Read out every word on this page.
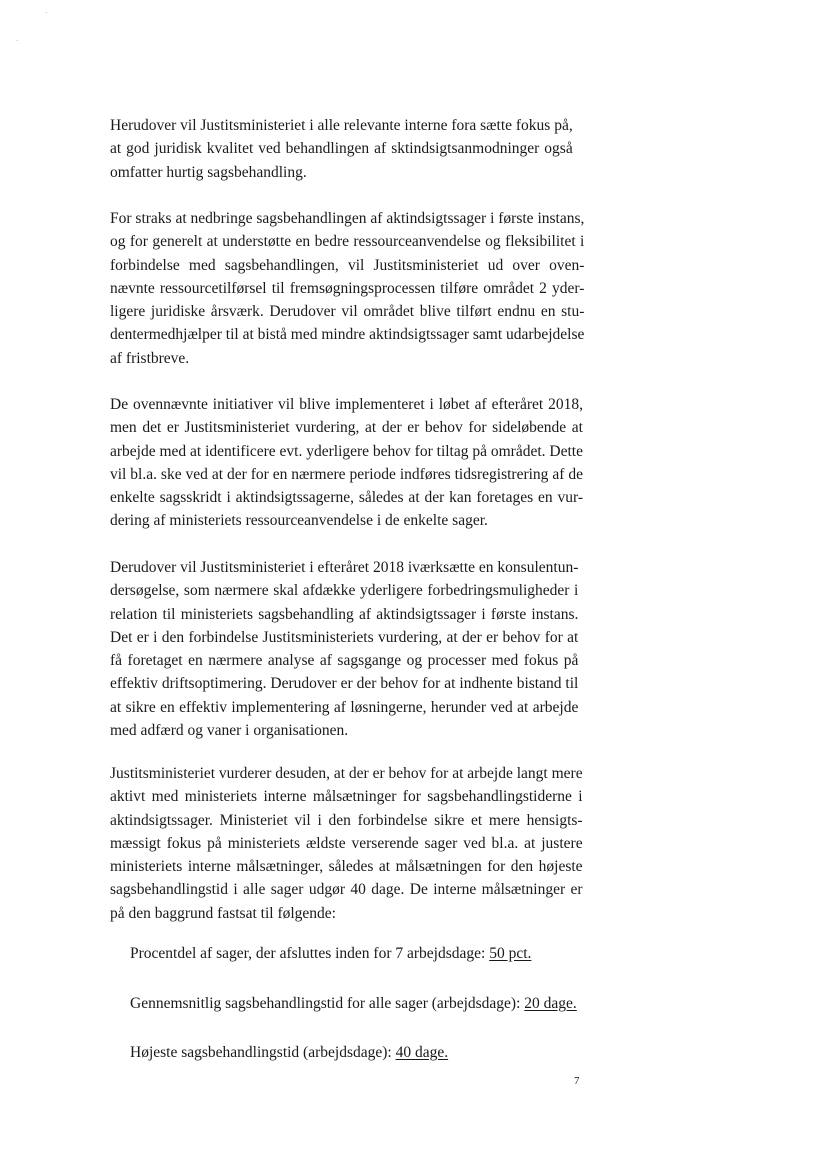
˙
˙

Herudover vil Justitsministeriet i alle relevante interne fora sætte fokus på,
at god juridisk kvalitet ved behandlingen af sktindsigtsanmodninger også
omfatter hurtig sagsbehandling.

For straks at nedbringe sagsbehandlingen af aktindsigtssager i første instans,
og for generelt at understøtte en bedre ressourceanvendelse og fleksibilitet i
forbindelse med sagsbehandlingen, vil Justitsministeriet ud over oven-
nævnte ressourcetilførsel til fremsøgningsprocessen tilføre området 2 yder-
ligere juridiske årsværk. Derudover vil området blive tilført endnu en stu-
dentermedhjælper til at bistå med mindre aktindsigtssager samt udarbejdelse
af fristbreve.

De ovennævnte initiativer vil blive implementeret i løbet af efteråret 2018,
men det er Justitsministeriet vurdering, at der er behov for sideløbende at
arbejde med at identificere evt. yderligere behov for tiltag på området. Dette
vil bl.a. ske ved at der for en nærmere periode indføres tidsregistrering af de
enkelte sagsskridt i aktindsigtssagerne, således at der kan foretages en vur-
dering af ministeriets ressourceanvendelse i de enkelte sager.

Derudover vil Justitsministeriet i efteråret 2018 iværksætte en konsulentun-
dersøgelse, som nærmere skal afdække yderligere forbedringsmuligheder i
relation til ministeriets sagsbehandling af aktindsigtssager i første instans.
Det er i den forbindelse Justitsministeriets vurdering, at der er behov for at
få foretaget en nærmere analyse af sagsgange og processer med fokus på
effektiv driftsoptimering. Derudover er der behov for at indhente bistand til
at sikre en effektiv implementering af løsningerne, herunder ved at arbejde
med adfærd og vaner i organisationen.

Justitsministeriet vurderer desuden, at der er behov for at arbejde langt mere
aktivt med ministeriets interne målsætninger for sagsbehandlingstiderne i
aktindsigtssager. Ministeriet vil i den forbindelse sikre et mere hensigts-
mæssigt fokus på ministeriets ældste verserende sager ved bl.a. at justere
ministeriets interne målsætninger, således at målsætningen for den højeste
sagsbehandlingstid i alle sager udgør 40 dage. De interne målsætninger er
på den baggrund fastsat til følgende:

Procentdel af sager, der afsluttes inden for 7 arbejdsdage: 50 pct.
Gennemsnitlig sagsbehandlingstid for alle sager (arbejdsdage): 20 dage.
Højeste sagsbehandlingstid (arbejdsdage): 40 dage.
7
